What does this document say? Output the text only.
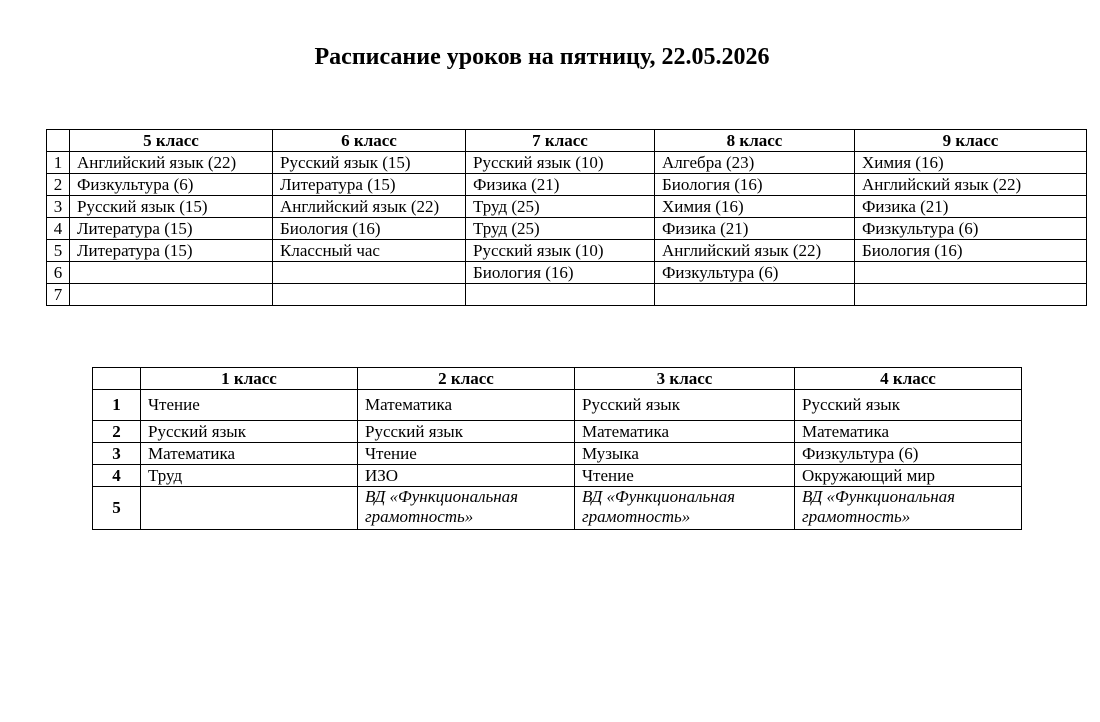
Расписание уроков на пятницу, 22.05.2026
	5 класс	6 класс	7 класс	8 класс	9 класс
1	Английский язык (22)	Русский язык (15)	Русский язык (10)	Алгебра (23)	Химия (16)
2	Физкультура (6)	Литература (15)	Физика (21)	Биология (16)	Английский язык (22)
3	Русский язык (15)	Английский язык (22)	Труд (25)	Химия (16)	Физика (21)
4	Литература (15)	Биология (16)	Труд (25)	Физика (21)	Физкультура (6)
5	Литература (15)	Классный час	Русский язык (10)	Английский язык (22)	Биология (16)
6			Биология (16)	Физкультура (6)	
7					
	1 класс	2 класс	3 класс	4 класс
1	Чтение	Математика	Русский язык	Русский язык
2	Русский язык	Русский язык	Математика	Математика
3	Математика	Чтение	Музыка	Физкультура (6)
4	Труд	ИЗО	Чтение	Окружающий мир
5		ВД «Функциональная грамотность»	ВД «Функциональная грамотность»	ВД «Функциональная грамотность»
